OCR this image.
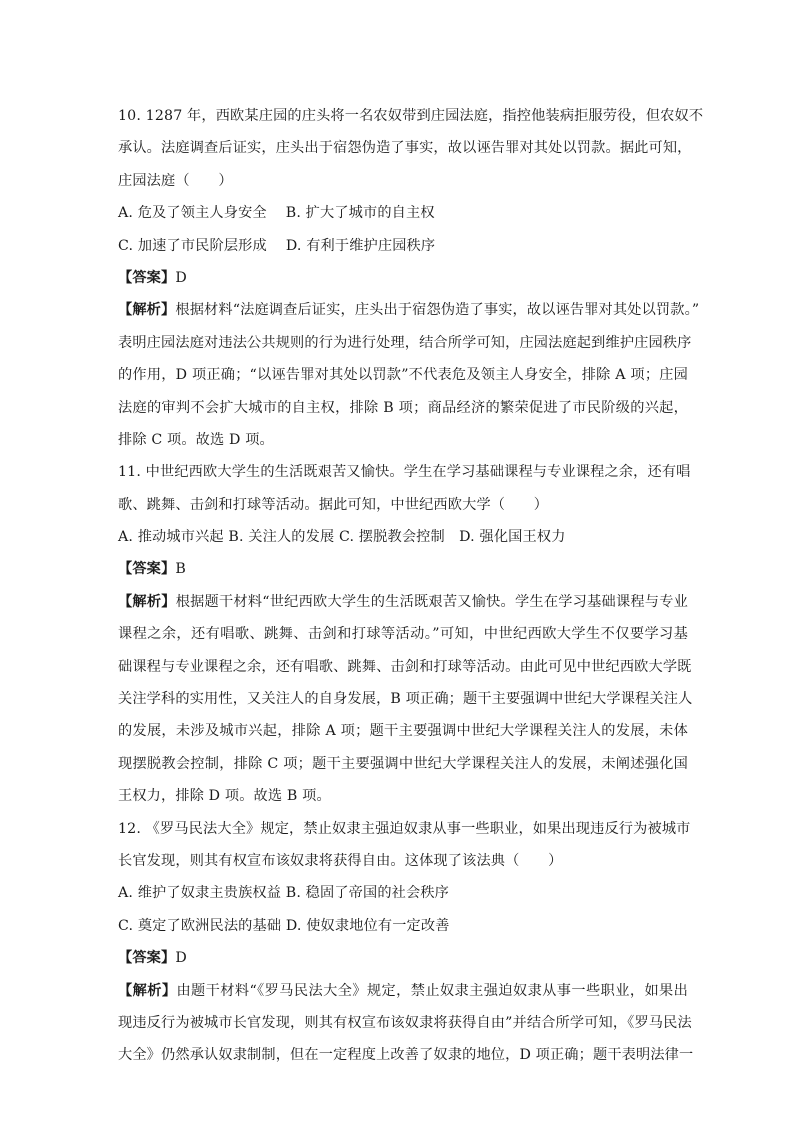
10. 1287 年，西欧某庄园的庄头将一名农奴带到庄园法庭，指控他装病拒服劳役，但农奴不
承认。法庭调查后证实，庄头出于宿怨伪造了事实，故以诬告罪对其处以罚款。据此可知，
庄园法庭（　　）
A. 危及了领主人身安全　 B. 扩大了城市的自主权
C. 加速了市民阶层形成　 D. 有利于维护庄园秩序
【答案】D
【解析】根据材料“法庭调查后证实，庄头出于宿怨伪造了事实，故以诬告罪对其处以罚款。”
表明庄园法庭对违法公共规则的行为进行处理，结合所学可知，庄园法庭起到维护庄园秩序
的作用，D 项正确；“以诬告罪对其处以罚款”不代表危及领主人身安全，排除 A 项；庄园
法庭的审判不会扩大城市的自主权，排除 B 项；商品经济的繁荣促进了市民阶级的兴起，
排除 C 项。故选 D 项。
11. 中世纪西欧大学生的生活既艰苦又愉快。学生在学习基础课程与专业课程之余，还有唱
歌、跳舞、击剑和打球等活动。据此可知，中世纪西欧大学（　　）
A. 推动城市兴起 B. 关注人的发展 C. 摆脱教会控制　D. 强化国王权力
【答案】B
【解析】根据题干材料“世纪西欧大学生的生活既艰苦又愉快。学生在学习基础课程与专业
课程之余，还有唱歌、跳舞、击剑和打球等活动。”可知，中世纪西欧大学生不仅要学习基
础课程与专业课程之余，还有唱歌、跳舞、击剑和打球等活动。由此可见中世纪西欧大学既
关注学科的实用性，又关注人的自身发展，B 项正确；题干主要强调中世纪大学课程关注人
的发展，未涉及城市兴起，排除 A 项；题干主要强调中世纪大学课程关注人的发展，未体
现摆脱教会控制，排除 C 项；题干主要强调中世纪大学课程关注人的发展，未阐述强化国
王权力，排除 D 项。故选 B 项。
12. 《罗马民法大全》规定，禁止奴隶主强迫奴隶从事一些职业，如果出现违反行为被城市
长官发现，则其有权宣布该奴隶将获得自由。这体现了该法典（　　）
A. 维护了奴隶主贵族权益 B. 稳固了帝国的社会秩序
C. 奠定了欧洲民法的基础 D. 使奴隶地位有一定改善
【答案】D
【解析】由题干材料“《罗马民法大全》规定，禁止奴隶主强迫奴隶从事一些职业，如果出
现违反行为被城市长官发现，则其有权宣布该奴隶将获得自由”并结合所学可知，《罗马民法
大全》仍然承认奴隶制制，但在一定程度上改善了奴隶的地位，D 项正确；题干表明法律一
